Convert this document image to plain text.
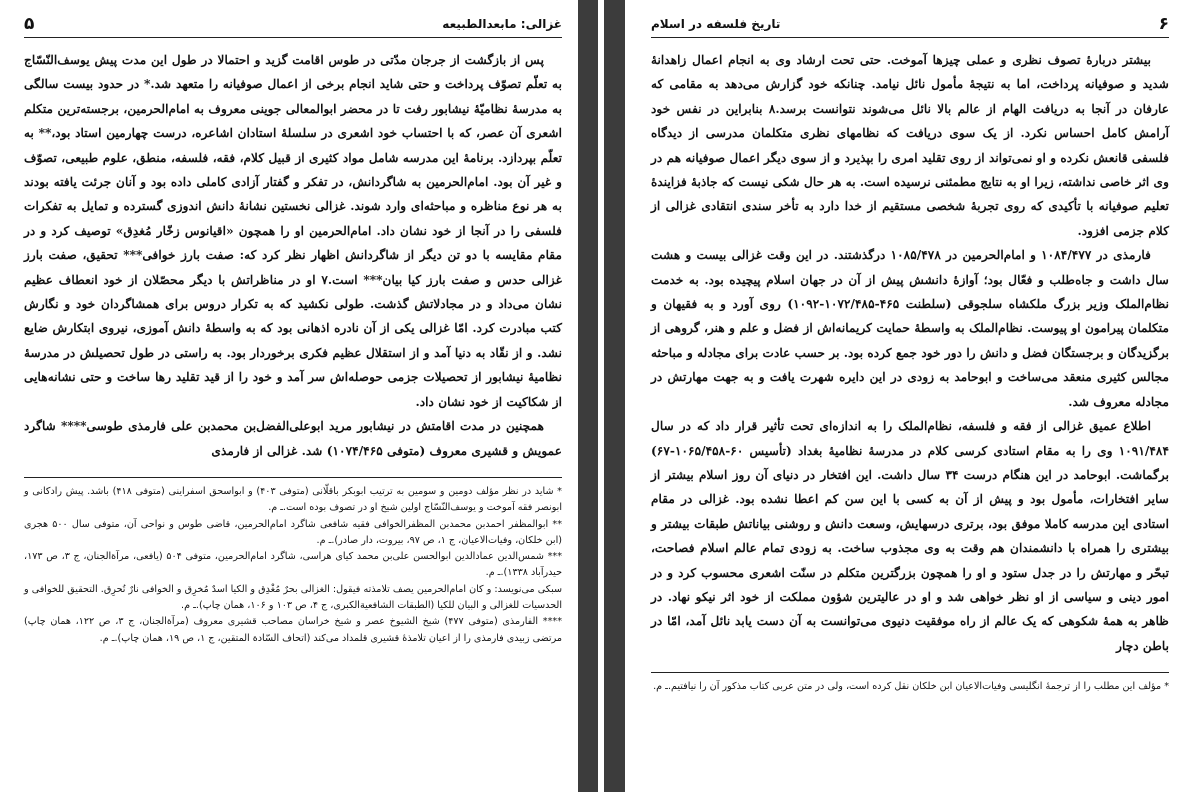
غزالی: مابعدالطبیعه
۵

پس از بازگشت از جرجان مدّتی در طوس اقامت گزید و احتمالا در طول این مدت پیش یوسف‌النّسّاج به تعلّم تصوّف پرداخت و حتی شاید انجام برخی از اعمال صوفیانه را متعهد شد.* در حدود بیست سالگی به مدرسهٔ نظامیّهٔ نیشابور رفت تا در محضر ابوالمعالی جوینی معروف به امام‌الحرمین، برجسته‌ترین متکلم اشعری آن عصر، که با احتساب خود اشعری در سلسلهٔ استادان اشاعره، درست چهارمین استاد بود،** به تعلّم بپردازد. برنامهٔ این مدرسه شامل مواد کثیری از قبیل کلام، فقه، فلسفه، منطق، علوم طبیعی، تصوّف و غیر آن بود. امام‌الحرمین به شاگردانش، در تفکر و گفتار آزادی کاملی داده بود و آنان جرئت یافته بودند به هر نوع مناظره و مباحثه‌ای وارد شوند. غزالی نخستین نشانهٔ دانش اندوزی گسترده و تمایل به تفکرات فلسفی را در آنجا از خود نشان داد. امام‌الحرمین او را همچون «اقیانوس زخّار مُغدِق» توصیف کرد و در مقام مقایسه با دو تن دیگر از شاگردانش اظهار نظر کرد که: صفت بارز خوافی*** تحقیق، صفت بارز غزالی حدس و صفت بارز کیا بیان*** است.۷ او در مناظراتش با دیگر محصّلان از خود انعطاف عظیم نشان می‌داد و در مجادلاتش گذشت. طولی نکشید که به تکرار دروس برای همشاگردان خود و نگارش کتب مبادرت کرد. امّا غزالی یکی از آن نادره اذهانی بود که به واسطهٔ دانش آموزی، نیروی ابتکارش ضایع نشد. و از نقّاد به دنیا آمد و از استقلال عظیم فکری برخوردار بود. به راستی در طول تحصیلش در مدرسهٔ نظامیهٔ نیشابور از تحصیلات جزمی حوصله‌اش سر آمد و خود را از قید تقلید رها ساخت و حتی نشانه‌هایی از شکاکیت از خود نشان داد.

همچنین در مدت اقامتش در نیشابور مرید ابوعلی‌الفضل‌بن محمدبن علی فارمذی طوسی**** شاگرد عمویش و قشیری معروف (متوفی ۱۰۷۴/۴۶۵) شد. غزالی از فارمذی

* شاید در نظر مؤلف دومین و سومین به ترتیب ابوبکر باقلّانی (متوفی ۴۰۳) و ابواسحق اسفراینی (متوفی ۴۱۸) باشد. پیش رادکانی و ابونصر فقه آموخت و یوسف‌النّسّاج اولین شیخ او در تصوف بوده است.ـ م.

** ابوالمظفر احمدبن محمدبن المظفرالخوافی فقیه شافعی شاگرد امام‌الحرمین، قاضی طوس و نواحی آن، متوفی سال ۵۰۰ هجری (ابن خلکان، وفیات‌الاعیان، ج ۱، ص ۹۷، بیروت، دار صادر).ـ م.

*** شمس‌الدین عمادالدین ابوالحسن علی‌بن محمد کیای هراسی، شاگرد امام‌الحرمین، متوفی ۵۰۴ (یافعی، مرآةالجنان، ج ۳، ص ۱۷۳، حیدرآباد ۱۳۳۸).ـ م.

سبکی می‌نویسد: و کان امام‌الحرمین یصف تلامذته فیقول: الغزالی بحرٌ مُغْدِق و الکیا اسدٌ مُخرِق و الخوافی نارٌ تُحرِق. التحقیق للخوافی و الحدسیات للغزالی و البیان للکیا (الطبقات الشافعیةالکبری، ج ۴، ص ۱۰۳ و ۱۰۶، همان چاپ).ـ م.

**** الفارمذی (متوفی ۴۷۷) شیخ الشیوخ عصر و شیخ خراسان مصاحب قشیری معروف (مرآةالجنان، ج ۳، ص ۱۲۲، همان چاپ) مرتضی زبیدی فارمذی را از اعیان تلامذهٔ قشیری قلمداد می‌کند (اتحاف السّادة المتقین، ج ۱، ص ۱۹، همان چاپ).ـ م.

۶
تاریخ فلسفه در اسلام

بیشتر دربارهٔ تصوف نظری و عملی چیزها آموخت. حتی تحت ارشاد وی به انجام اعمال زاهدانهٔ شدید و صوفیانه پرداخت، اما به نتیجهٔ مأمول نائل نیامد. چنانکه خود گزارش می‌دهد به مقامی که عارفان در آنجا به دریافت الهام از عالم بالا نائل می‌شوند نتوانست برسد.۸ بنابراین در نفس خود آرامش کامل احساس نکرد. از یک سوی دریافت که نظامهای نظری متکلمان مدرسی از دیدگاه فلسفی قانعش نکرده و او نمی‌تواند از روی تقلید امری را بپذیرد و از سوی دیگر اعمال صوفیانه هم در وی اثر خاصی نداشته، زیرا او به نتایج مطمئنی نرسیده است. به هر حال شکی نیست که جاذبهٔ فزایندهٔ تعلیم صوفیانه با تأکیدی که روی تجربهٔ شخصی مستقیم از خدا دارد به تأخر سندی انتقادی غزالی از کلام جزمی افزود.

فارمذی در ۱۰۸۴/۴۷۷ و امام‌الحرمین در ۱۰۸۵/۴۷۸ درگذشتند. در این وقت غزالی بیست و هشت سال داشت و جاه‌طلب و فعّال بود؛ آوازهٔ دانشش پیش از آن در جهان اسلام پیچیده بود. به خدمت نظام‌الملک وزیر بزرگ ملکشاه سلجوقی (سلطنت ۴۶۵-۱۰۷۲/۴۸۵-۱۰۹۲) روی آورد و به فقیهان و متکلمان پیرامون او پیوست. نظام‌الملک به واسطهٔ حمایت کریمانه‌اش از فضل و علم و هنر، گروهی از برگزیدگان و برجستگان فضل و دانش را دور خود جمع کرده بود. بر حسب عادت برای مجادله و مباحثه مجالس کثیری منعقد می‌ساخت و ابوحامد به زودی در این دایره شهرت یافت و به جهت مهارتش در مجادله معروف شد.

اطلاع عمیق غزالی از فقه و فلسفه، نظام‌الملک را به اندازه‌ای تحت تأثیر قرار داد که در سال ۱۰۹۱/۴۸۴ وی را به مقام استادی کرسی کلام در مدرسهٔ نظامیهٔ بغداد (تأسیس ۶۰-۱۰۶۵/۴۵۸-۶۷) برگماشت. ابوحامد در این هنگام درست ۳۴ سال داشت. این افتخار در دنیای آن روز اسلام بیشتر از سایر افتخارات، مأمول بود و پیش از آن به کسی با این سن کم اعطا نشده بود. غزالی در مقام استادی این مدرسه کاملا موفق بود، برتری درسهایش، وسعت دانش و روشنی بیاناتش طبقات بیشتر و بیشتری را همراه با دانشمندان هم وقت به وی مجذوب ساخت. به زودی تمام عالم اسلام فصاحت، تبحّر و مهارتش را در جدل ستود و او را همچون بزرگترین متکلم در سنّت اشعری محسوب کرد و در امور دینی و سیاسی از او نظر خواهی شد و او در عالیترین شؤون مملکت از خود اثر نیکو نهاد. در ظاهر به همهٔ شکوهی که یک عالم از راه موفقیت دنیوی می‌توانست به آن دست یابد نائل آمد، امّا در باطن دچار

* مؤلف این مطلب را از ترجمهٔ انگلیسی وفیات‌الاعیان ابن خلکان نقل کرده است، ولی در متن عربی کتاب مذکور آن را نیافتیم.ـ م.
